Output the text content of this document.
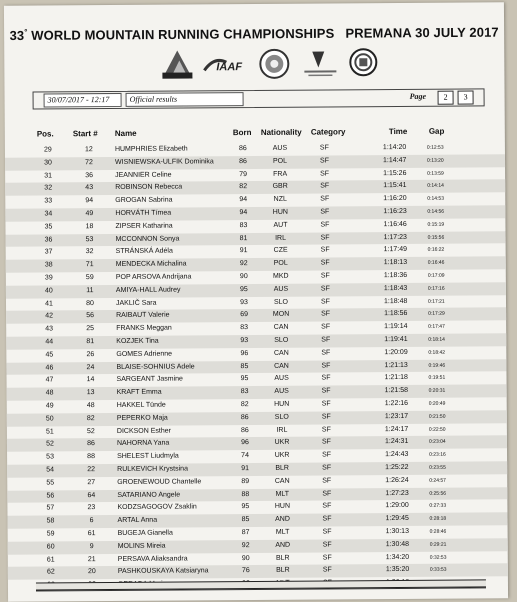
33° WORLD MOUNTAIN RUNNING CHAMPIONSHIPS   PREMANA 30 JULY 2017
IAAF
30/07/2017 - 12:17	Official results	Page	2	3
Pos. Start # Name	Born Nationality Category	Time	Gap
29	12	HUMPHRIES Elizabeth	86	AUS	SF	1:14:20	0:12:53
30	72	WISNIEWSKA-ULFIK Dominika	86	POL	SF	1:14:47	0:13:20
31	36	JEANNIER Celine	79	FRA	SF	1:15:26	0:13:59
32	43	ROBINSON Rebecca	82	GBR	SF	1:15:41	0:14:14
33	94	GROGAN Sabrina	94	NZL	SF	1:16:20	0:14:53
34	49	HORVÁTH Tímea	94	HUN	SF	1:16:23	0:14:56
35	18	ZIPSER Katharina	83	AUT	SF	1:16:46	0:15:19
36	53	MCCONNON Sonya	81	IRL	SF	1:17:23	0:15:56
37	32	STRÁNSKÁ Adéla	91	CZE	SF	1:17:49	0:16:22
38	71	MENDECKA Michalina	92	POL	SF	1:18:13	0:16:46
39	59	POP ARSOVA Andrijana	90	MKD	SF	1:18:36	0:17:09
40	11	AMIYA-HALL Audrey	95	AUS	SF	1:18:43	0:17:16
41	80	JAKLIČ Sara	93	SLO	SF	1:18:48	0:17:21
42	56	RAIBAUT Valerie	69	MON	SF	1:18:56	0:17:29
43	25	FRANKS Meggan	83	CAN	SF	1:19:14	0:17:47
44	81	KOZJEK Tina	93	SLO	SF	1:19:41	0:18:14
45	26	GOMES Adrienne	96	CAN	SF	1:20:09	0:18:42
46	24	BLAISE-SOHNIUS Adele	85	CAN	SF	1:21:13	0:19:46
47	14	SARGEANT Jasmine	95	AUS	SF	1:21:18	0:19:51
48	13	KRAFT Emma	83	AUS	SF	1:21:58	0:20:31
49	48	HAKKEL Tünde	82	HUN	SF	1:22:16	0:20:49
50	82	PEPERKO Maja	86	SLO	SF	1:23:17	0:21:50
51	52	DICKSON Esther	86	IRL	SF	1:24:17	0:22:50
52	86	NAHORNA Yana	96	UKR	SF	1:24:31	0:23:04
53	88	SHELEST Liudmyla	74	UKR	SF	1:24:43	0:23:16
54	22	RULKEVICH Krystsina	91	BLR	SF	1:25:22	0:23:55
55	27	GROENEWOUD Chantelle	89	CAN	SF	1:26:24	0:24:57
56	64	SATARIANO Angele	88	MLT	SF	1:27:23	0:25:56
57	23	KODZSAGOGOV Zsaklin	95	HUN	SF	1:29:00	0:27:33
58	6	ARTAL Anna	85	AND	SF	1:29:45	0:28:18
59	61	BUGEJA Gianella	87	MLT	SF	1:30:13	0:28:46
60	9	MOLINS Mireia	92	AND	SF	1:30:48	0:29:21
61	21	PERSAVA Aliaksandra	90	BLR	SF	1:34:20	0:32:53
62	20	PASHKOUSKAYA Katsiaryna	76	BLR	SF	1:35:20	0:33:53
